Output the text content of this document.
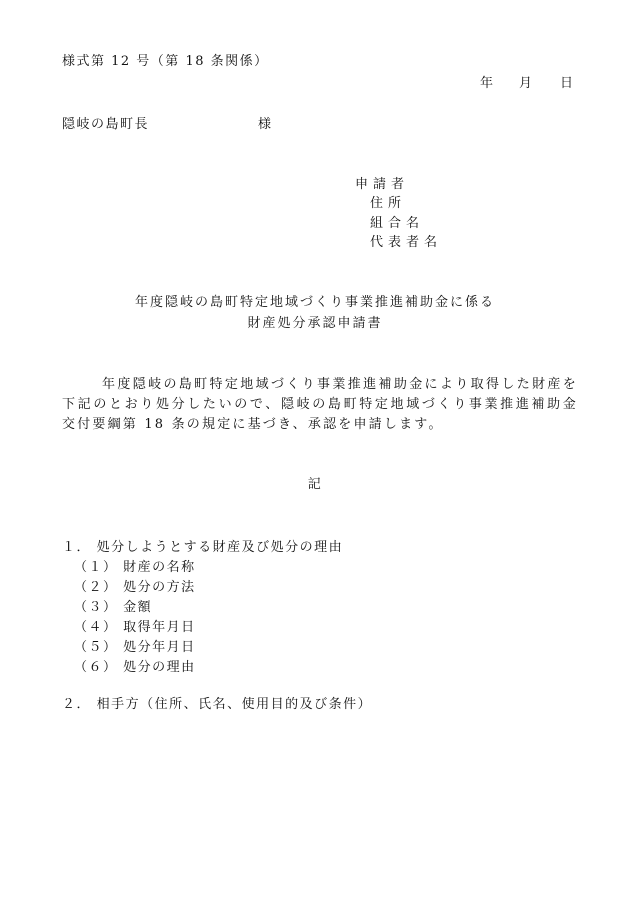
様式第 12 号（第 18 条関係）
年 月 日
隠岐の島町長	様
申請者
住所
組合名
代表者名
年度隠岐の島町特定地域づくり事業推進補助金に係る
財産処分承認申請書
年度隠岐の島町特定地域づくり事業推進補助金により取得した財産を下記のとおり処分したいので、隠岐の島町特定地域づくり事業推進補助金交付要綱第 18 条の規定に基づき、承認を申請します。
記
１． 処分しようとする財産及び処分の理由
（１） 財産の名称
（２） 処分の方法
（３） 金額
（４） 取得年月日
（５） 処分年月日
（６） 処分の理由
２． 相手方（住所、氏名、使用目的及び条件）
